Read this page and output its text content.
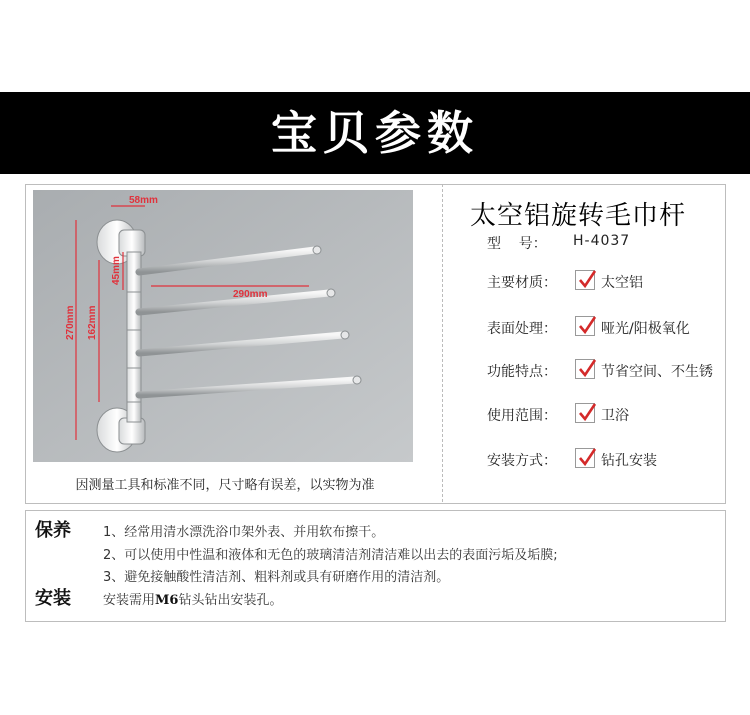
宝贝参数
58mm
290mm
270mm 162mm
45mm
因测量工具和标准不同，尺寸略有误差，以实物为准
太空铝旋转毛巾杆
型    号：	H-4037
主要材质：	太空铝
表面处理：	哑光/阳极氧化
功能特点：	节省空间、不生锈
使用范围：	卫浴
安装方式：	钻孔安装
保养 1、经常用清水漂洗浴巾架外表、并用软布擦干。
2、可以使用中性温和液体和无色的玻璃清洁剂清洁难以出去的表面污垢及垢膜;
3、避免接触酸性清洁剂、粗料剂或具有研磨作用的清洁剂。
安装 安装需用M6钻头钻出安装孔。
